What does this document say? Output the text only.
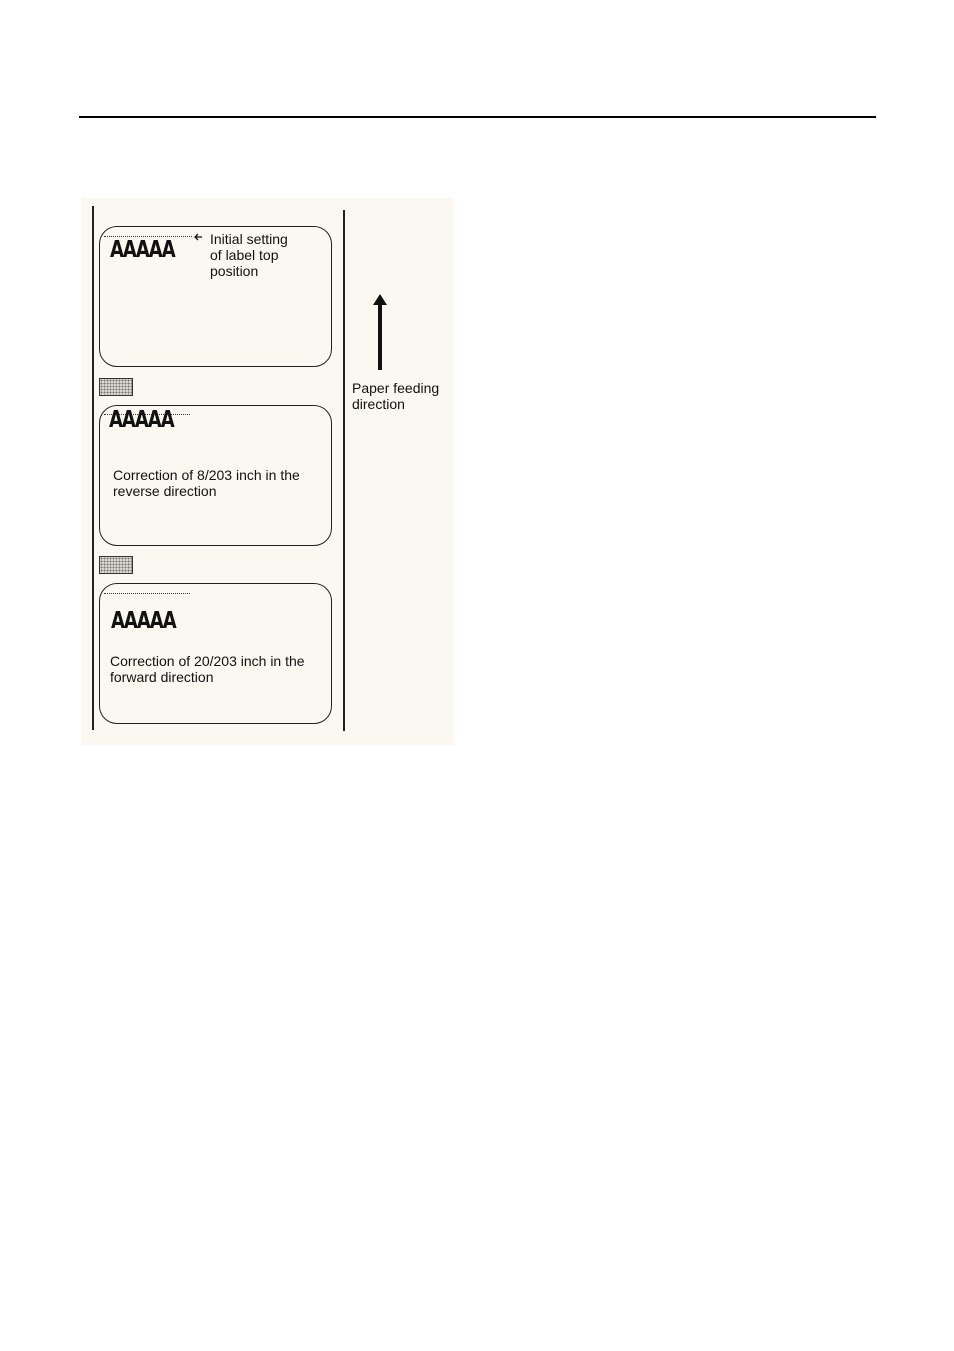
AAAAA	Initial setting
of label top
position
AAAAA
Correction of 8/203 inch in the
reverse direction
AAAAA
Correction of 20/203 inch in the
forward direction
Paper feeding
direction
